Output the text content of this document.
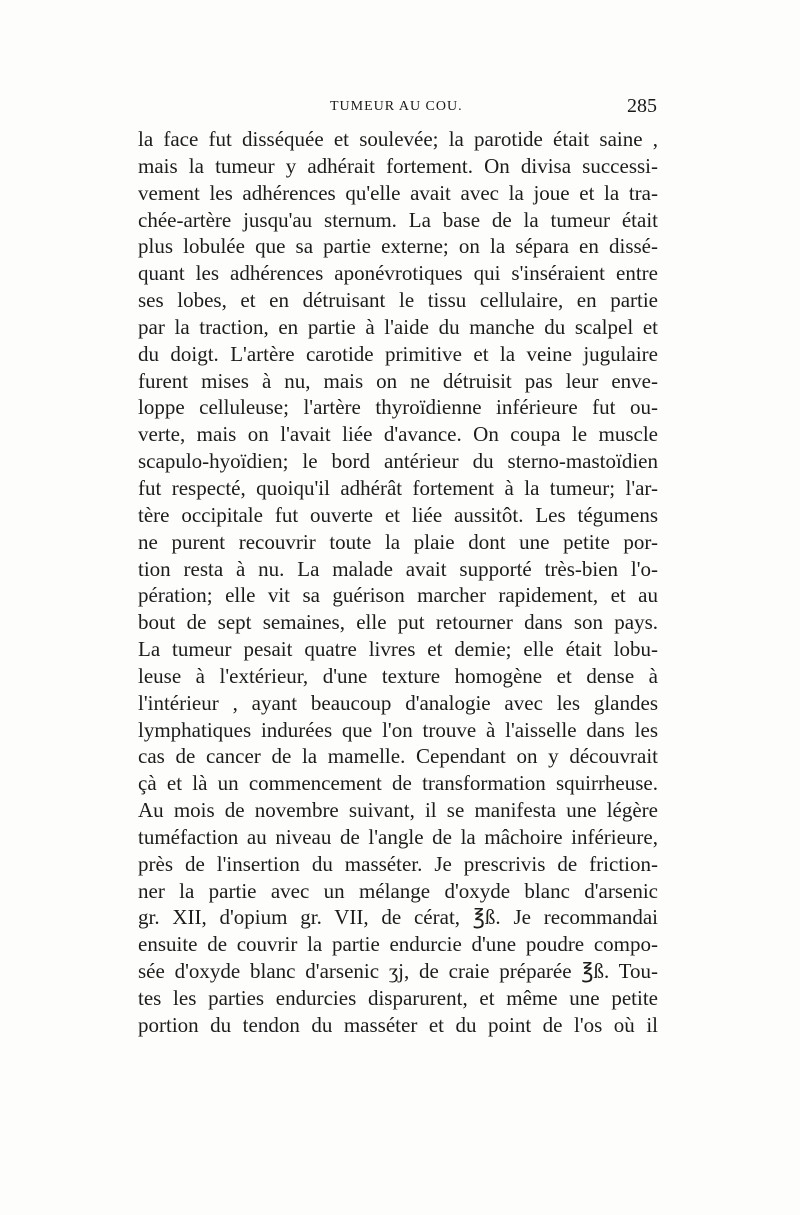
TUMEUR AU COU.	285
la face fut disséquée et soulevée; la parotide était saine ,
mais la tumeur y adhérait fortement. On divisa successi-
vement les adhérences qu'elle avait avec la joue et la tra-
chée-artère jusqu'au sternum. La base de la tumeur était
plus lobulée que sa partie externe; on la sépara en dissé-
quant les adhérences aponévrotiques qui s'inséraient entre
ses lobes, et en détruisant le tissu cellulaire, en partie
par la traction, en partie à l'aide du manche du scalpel et
du doigt. L'artère carotide primitive et la veine jugulaire
furent mises à nu, mais on ne détruisit pas leur enve-
loppe celluleuse; l'artère thyroïdienne inférieure fut ou-
verte, mais on l'avait liée d'avance. On coupa le muscle
scapulo-hyoïdien; le bord antérieur du sterno-mastoïdien
fut respecté, quoiqu'il adhérât fortement à la tumeur; l'ar-
tère occipitale fut ouverte et liée aussitôt. Les tégumens
ne purent recouvrir toute la plaie dont une petite por-
tion resta à nu. La malade avait supporté très-bien l'o-
pération; elle vit sa guérison marcher rapidement, et au
bout de sept semaines, elle put retourner dans son pays.
La tumeur pesait quatre livres et demie; elle était lobu-
leuse à l'extérieur, d'une texture homogène et dense à
l'intérieur , ayant beaucoup d'analogie avec les glandes
lymphatiques indurées que l'on trouve à l'aisselle dans les
cas de cancer de la mamelle. Cependant on y découvrait
çà et là un commencement de transformation squirrheuse.
Au mois de novembre suivant, il se manifesta une légère
tuméfaction au niveau de l'angle de la mâchoire inférieure,
près de l'insertion du masséter. Je prescrivis de friction-
ner la partie avec un mélange d'oxyde blanc d'arsenic
gr. XII, d'opium gr. VII, de cérat, ℥ß. Je recommandai
ensuite de couvrir la partie endurcie d'une poudre compo-
sée d'oxyde blanc d'arsenic ʒj, de craie préparée ℥ß. Tou-
tes les parties endurcies disparurent, et même une petite
portion du tendon du masséter et du point de l'os où il
